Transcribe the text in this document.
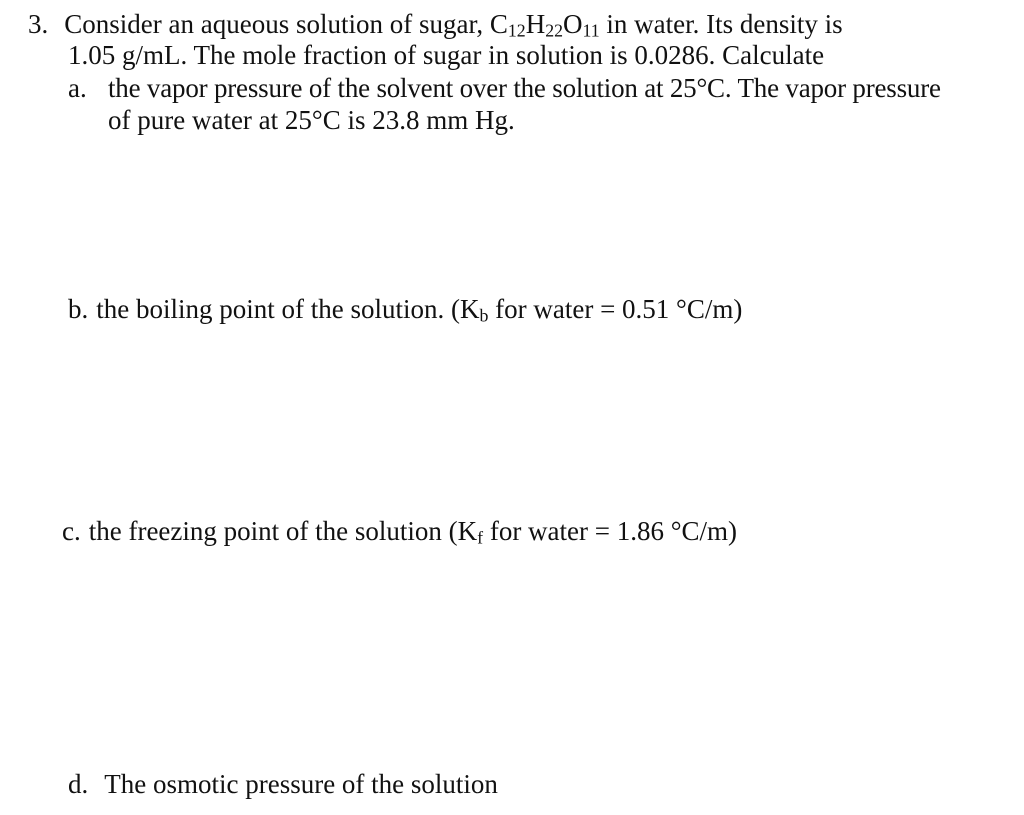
3. Consider an aqueous solution of sugar, $C_{12}H_{22}O_{11}$ in water. Its density is
1.05 g/mL. The mole fraction of sugar in solution is 0.0286. Calculate
a. the vapor pressure of the solvent over the solution at 25°C. The vapor pressure
of pure water at 25°C is 23.8 mm Hg.
b. the boiling point of the solution. ($K_b$ for water = 0.51 °C/m)
c. the freezing point of the solution ($K_f$ for water = 1.86 °C/m)
d. The osmotic pressure of the solution
